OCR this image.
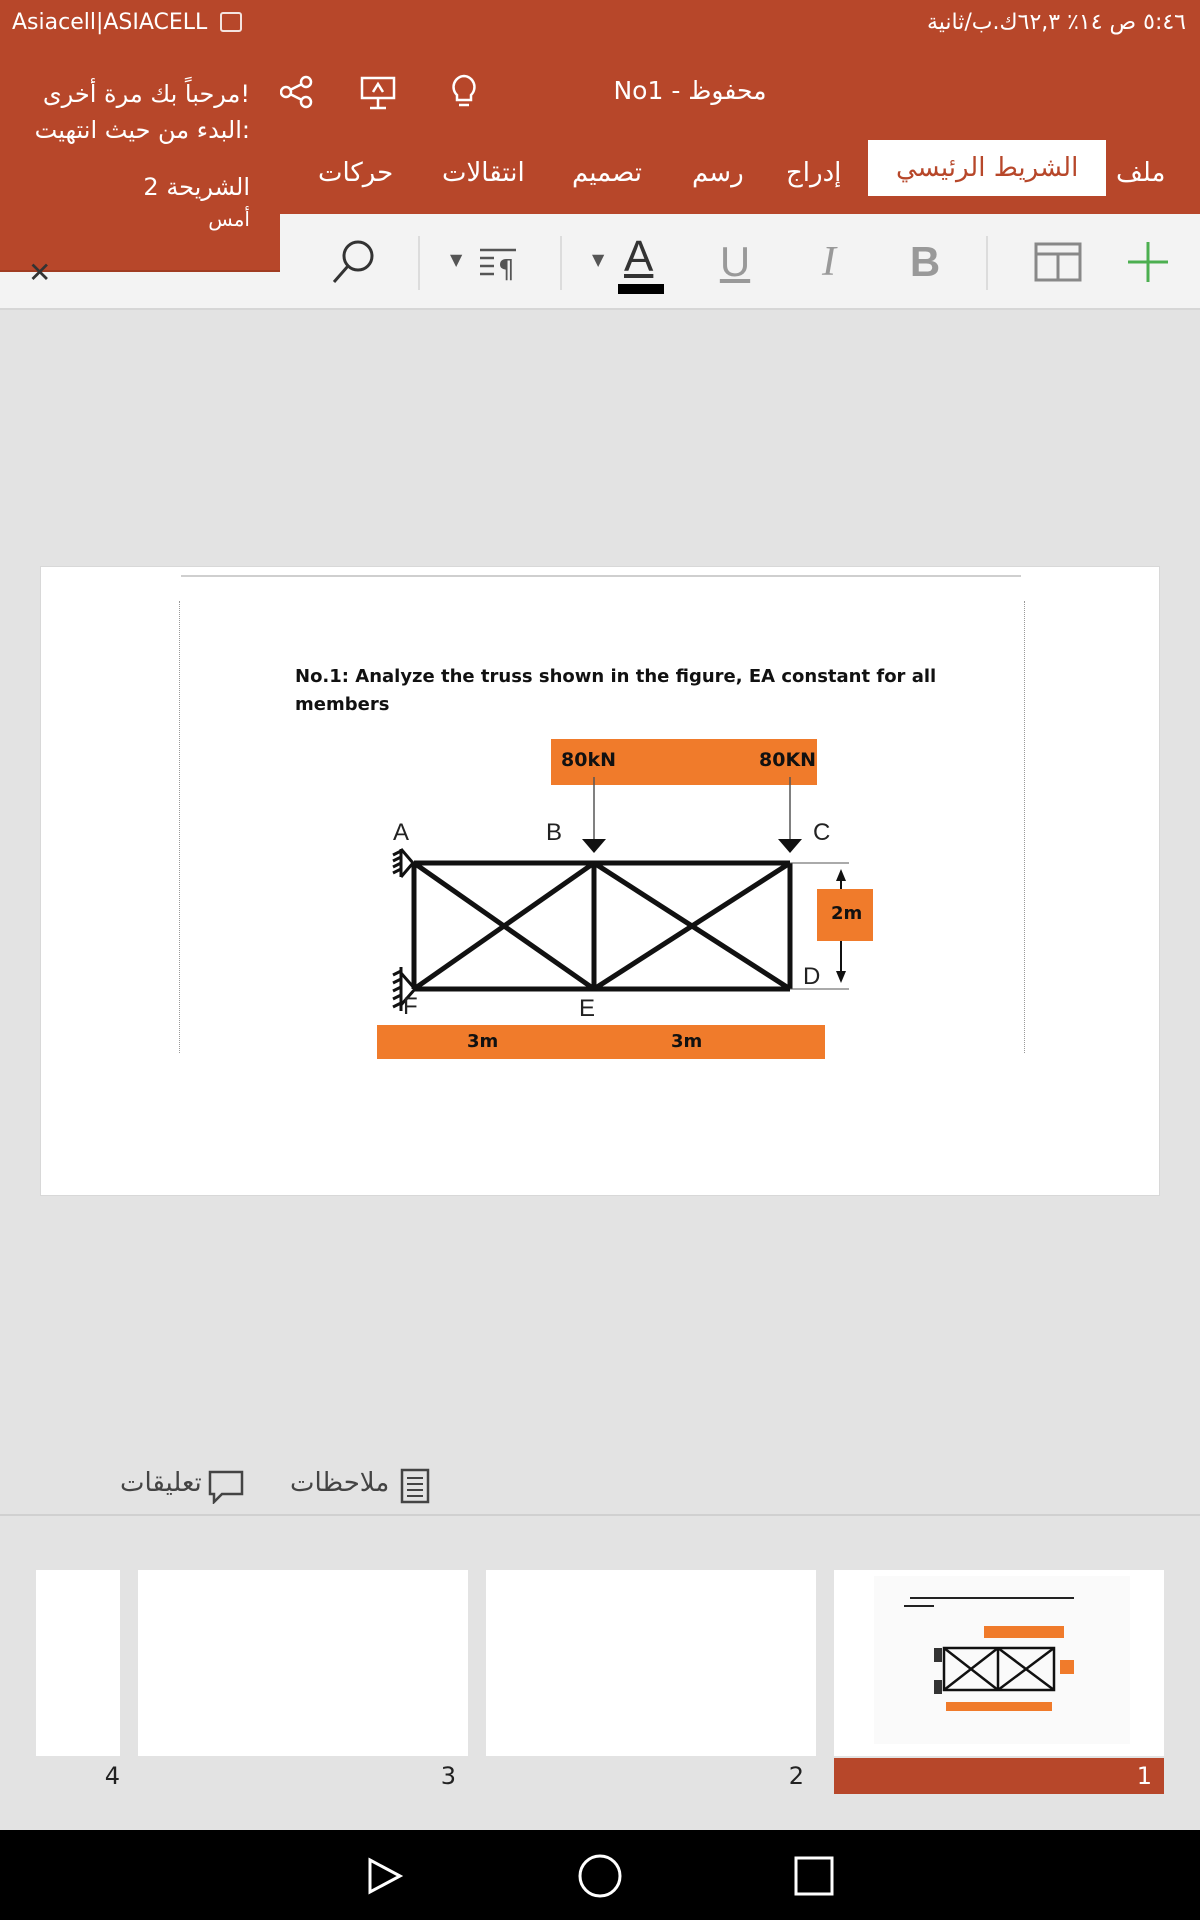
Asiacell|ASIACELL	٥:٤٦ ص ١٤٪ ٦٢,٣ك.ب/ثانية
No1 - محفوظ
ملف
الشريط الرئيسي
إدراج
رسم
تصميم
انتقالات
حركات
B
I
U
▼ A
▼ ¶
مرحباً بك مرة أخرى!
البدء من حيث انتهيت:
الشريحة 2
أمس
✕
No.1: Analyze the truss shown in the figure, EA constant for all members
80kN	80KN
A	B	C
D
E
F
2m
3m	3m
ملاحظات
تعليقات
1
2
3
4
